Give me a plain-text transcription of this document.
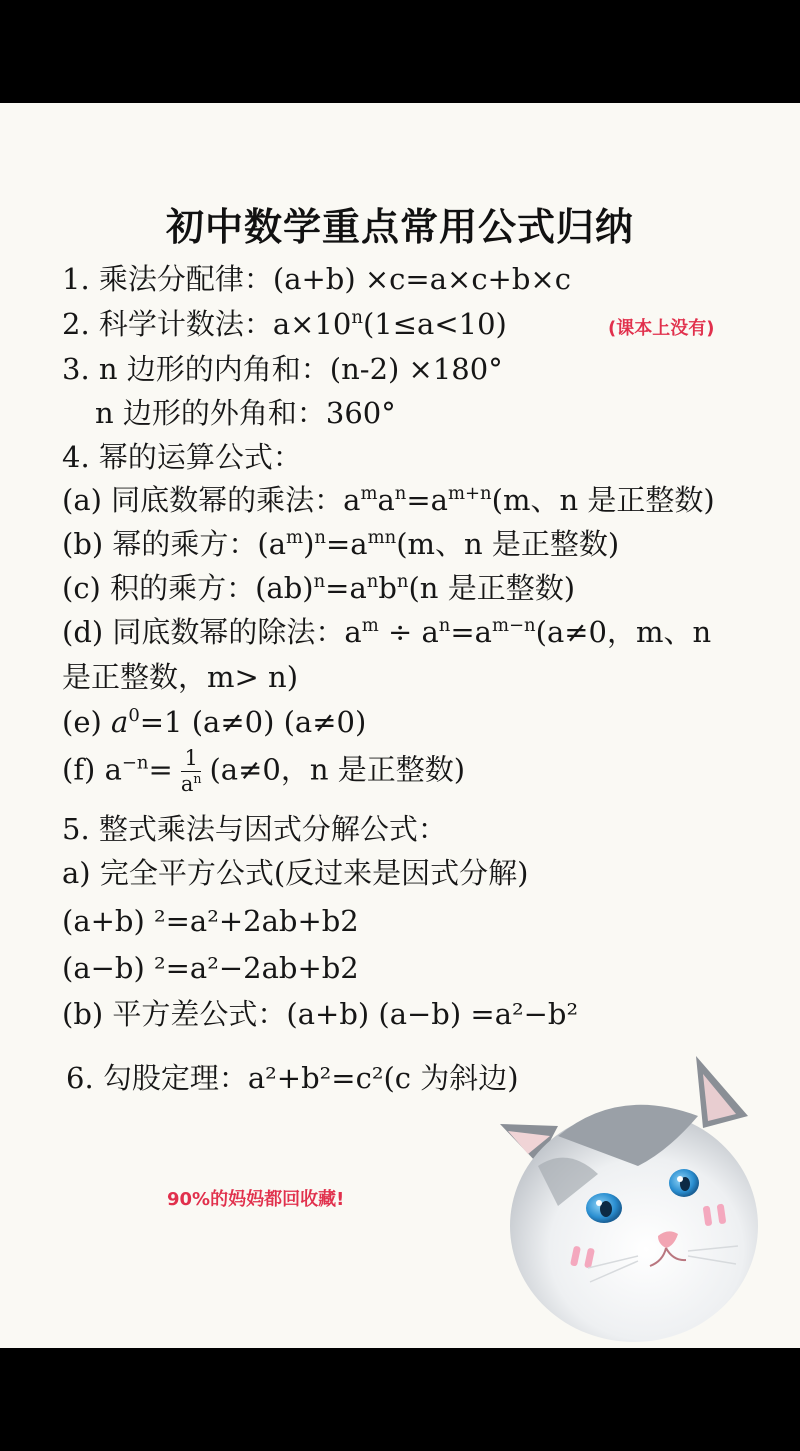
初中数学重点常用公式归纳
1. 乘法分配律：(a+b) ×c=a×c+b×c
2. 科学计数法：$a\times 10^n(1\le a<10)$	(课本上没有)
3. n 边形的内角和：(n-2) ×180°
n 边形的外角和：360°
4. 幂的运算公式：
(a) 同底数幂的乘法：$a^ma^n=a^{m+n}(m$、n 是正整数)
(b) 幂的乘方：$(a^m)^n=a^{mn}(m$、n 是正整数)
(c) 积的乘方：$(ab)^n=a^nb^n(n$ 是正整数)
(d) 同底数幂的除法：$a^m \div a^n=a^{m-n}(a\ne 0$，m、n
是正整数，m> n)
(e) $a^0=1$ (a≠0) (a≠0)
(f) $a^{-n}= \frac{1}{a^n} (a\ne 0$，n 是正整数)
5. 整式乘法与因式分解公式：
a) 完全平方公式(反过来是因式分解)
(a+b) ²=a²+2ab+b2
(a−b) ²=a²−2ab+b2
(b) 平方差公式：(a+b) (a−b) =a²−b²
6. 勾股定理：a²+b²=c²(c 为斜边)
90%的妈妈都回收藏!
